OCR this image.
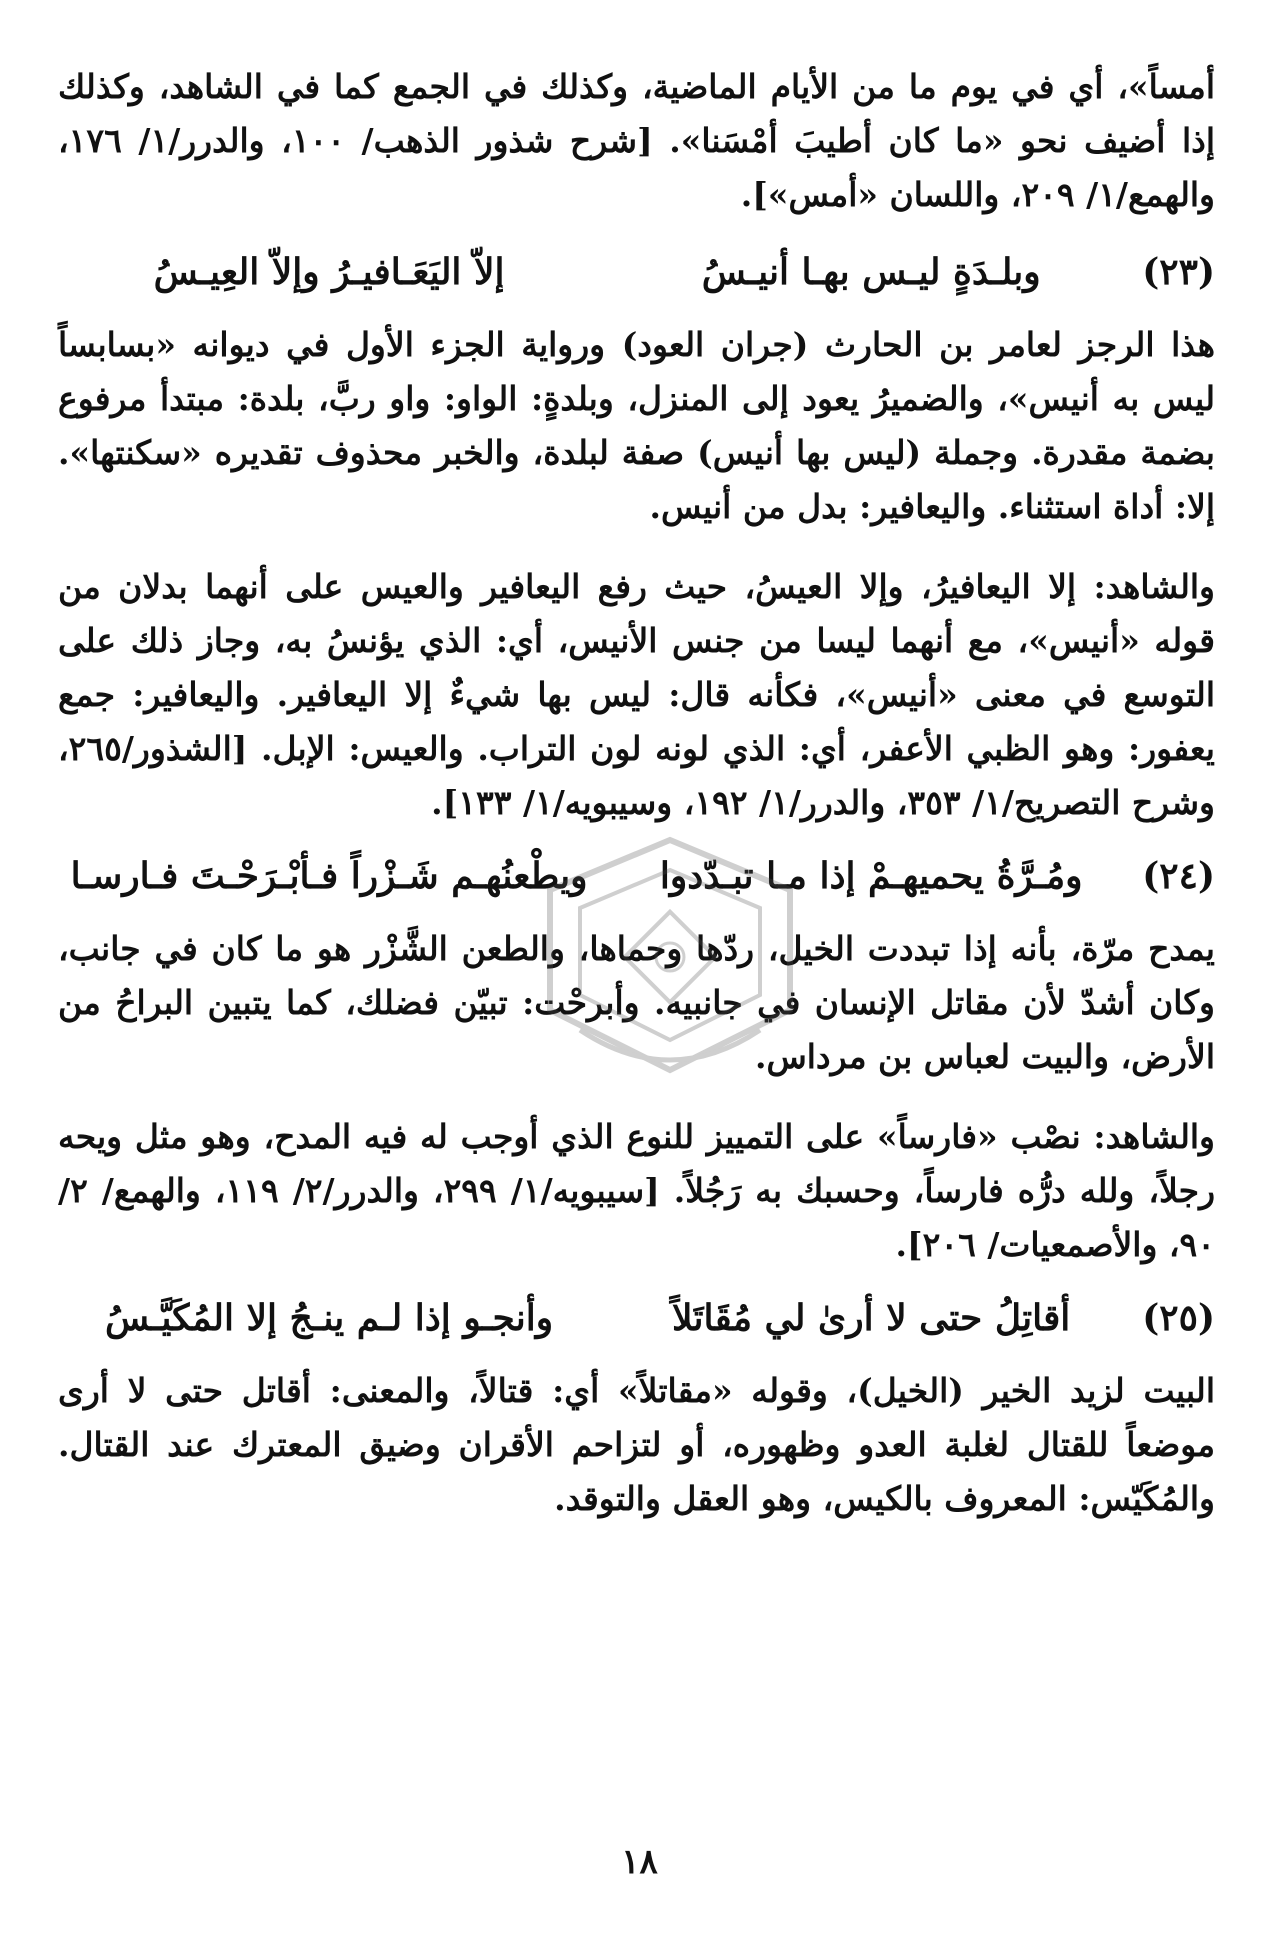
أمساً»، أي في يوم ما من الأيام الماضية، وكذلك في الجمع كما في الشاهد، وكذلك إذا أضيف نحو «ما كان أطيبَ أمْسَنا». [شرح شذور الذهب/ ١٠٠، والدرر/١/ ١٧٦، والهمع/١/ ٢٠٩، واللسان «أمس»].

(٢٣)
وبلـدَةٍ ليـس بهـا أنيـسُ
إلاّ اليَعَـافيـرُ وإلاّ العِيـسُ

هذا الرجز لعامر بن الحارث (جران العود) ورواية الجزء الأول في ديوانه «بسابساً ليس به أنيس»، والضميرُ يعود إلى المنزل، وبلدةٍ: الواو: واو ربَّ، بلدة: مبتدأ مرفوع بضمة مقدرة. وجملة (ليس بها أنيس) صفة لبلدة، والخبر محذوف تقديره «سكنتها». إلا: أداة استثناء. واليعافير: بدل من أنيس.

والشاهد: إلا اليعافيرُ، وإلا العيسُ، حيث رفع اليعافير والعيس على أنهما بدلان من قوله «أنيس»، مع أنهما ليسا من جنس الأنيس، أي: الذي يؤنسُ به، وجاز ذلك على التوسع في معنى «أنيس»، فكأنه قال: ليس بها شيءٌ إلا اليعافير. واليعافير: جمع يعفور: وهو الظبي الأعفر، أي: الذي لونه لون التراب. والعيس: الإبل. [الشذور/٢٦٥، وشرح التصريح/١/ ٣٥٣، والدرر/١/ ١٩٢، وسيبويه/١/ ١٣٣].

(٢٤)
ومُـرَّةُ يحميهـمْ إذا مـا تبـدّدوا
ويطْعنُهـم شَـزْراً فـأبْـرَحْـتَ فـارسـا

يمدح مرّة، بأنه إذا تبددت الخيل، ردّها وحماها، والطعن الشَّزْر هو ما كان في جانب، وكان أشدّ لأن مقاتل الإنسان في جانبيه. وأبرحْت: تبيّن فضلك، كما يتبين البراحُ من الأرض، والبيت لعباس بن مرداس.

والشاهد: نصْب «فارساً» على التمييز للنوع الذي أوجب له فيه المدح، وهو مثل ويحه رجلاً، ولله درُّه فارساً، وحسبك به رَجُلاً. [سيبويه/١/ ٢٩٩، والدرر/٢/ ١١٩، والهمع/ ٢/ ٩٠، والأصمعيات/ ٢٠٦].

(٢٥)
أقاتِلُ حتى لا أرىٰ لي مُقَاتَلاً
وأنجـو إذا لـم ينـجُ إلا المُكَيَّـسُ

البيت لزيد الخير (الخيل)، وقوله «مقاتلاً» أي: قتالاً، والمعنى: أقاتل حتى لا أرى موضعاً للقتال لغلبة العدو وظهوره، أو لتزاحم الأقران وضيق المعترك عند القتال. والمُكَيّس: المعروف بالكيس، وهو العقل والتوقد.

١٨
